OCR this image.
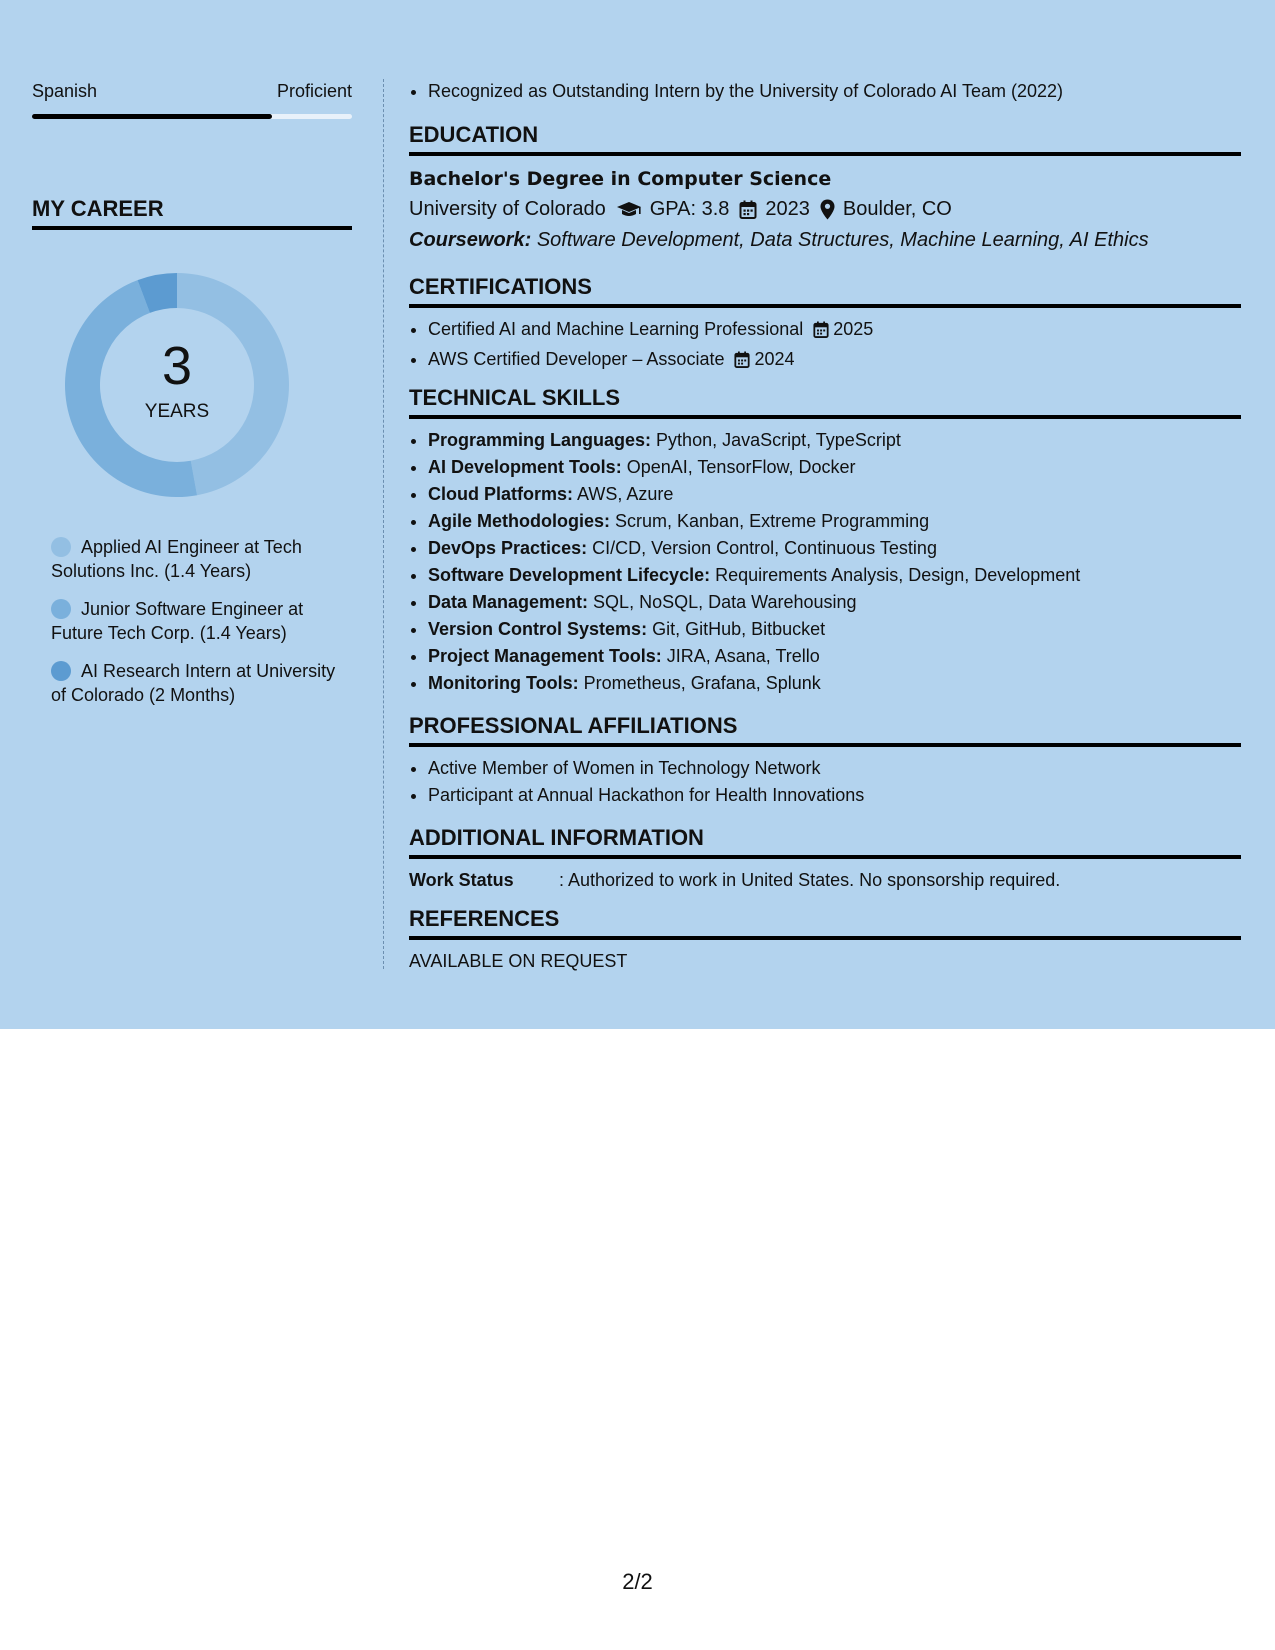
Spanish	Proficient
MY CAREER
3
YEARS
Applied AI Engineer at Tech Solutions Inc. (1.4 Years)
Junior Software Engineer at Future Tech Corp. (1.4 Years)
AI Research Intern at University of Colorado (2 Months)
• Recognized as Outstanding Intern by the University of Colorado AI Team (2022)
EDUCATION
Bachelor's Degree in Computer Science
University of Colorado GPA: 3.8 2023 Boulder, CO
Coursework: Software Development, Data Structures, Machine Learning, AI Ethics
CERTIFICATIONS
• Certified AI and Machine Learning Professional 2025
• AWS Certified Developer – Associate 2024
TECHNICAL SKILLS
• Programming Languages: Python, JavaScript, TypeScript
• AI Development Tools: OpenAI, TensorFlow, Docker
• Cloud Platforms: AWS, Azure
• Agile Methodologies: Scrum, Kanban, Extreme Programming
• DevOps Practices: CI/CD, Version Control, Continuous Testing
• Software Development Lifecycle: Requirements Analysis, Design, Development
• Data Management: SQL, NoSQL, Data Warehousing
• Version Control Systems: Git, GitHub, Bitbucket
• Project Management Tools: JIRA, Asana, Trello
• Monitoring Tools: Prometheus, Grafana, Splunk
PROFESSIONAL AFFILIATIONS
• Active Member of Women in Technology Network
• Participant at Annual Hackathon for Health Innovations
ADDITIONAL INFORMATION
Work Status	: Authorized to work in United States. No sponsorship required.
REFERENCES
AVAILABLE ON REQUEST
2/2
